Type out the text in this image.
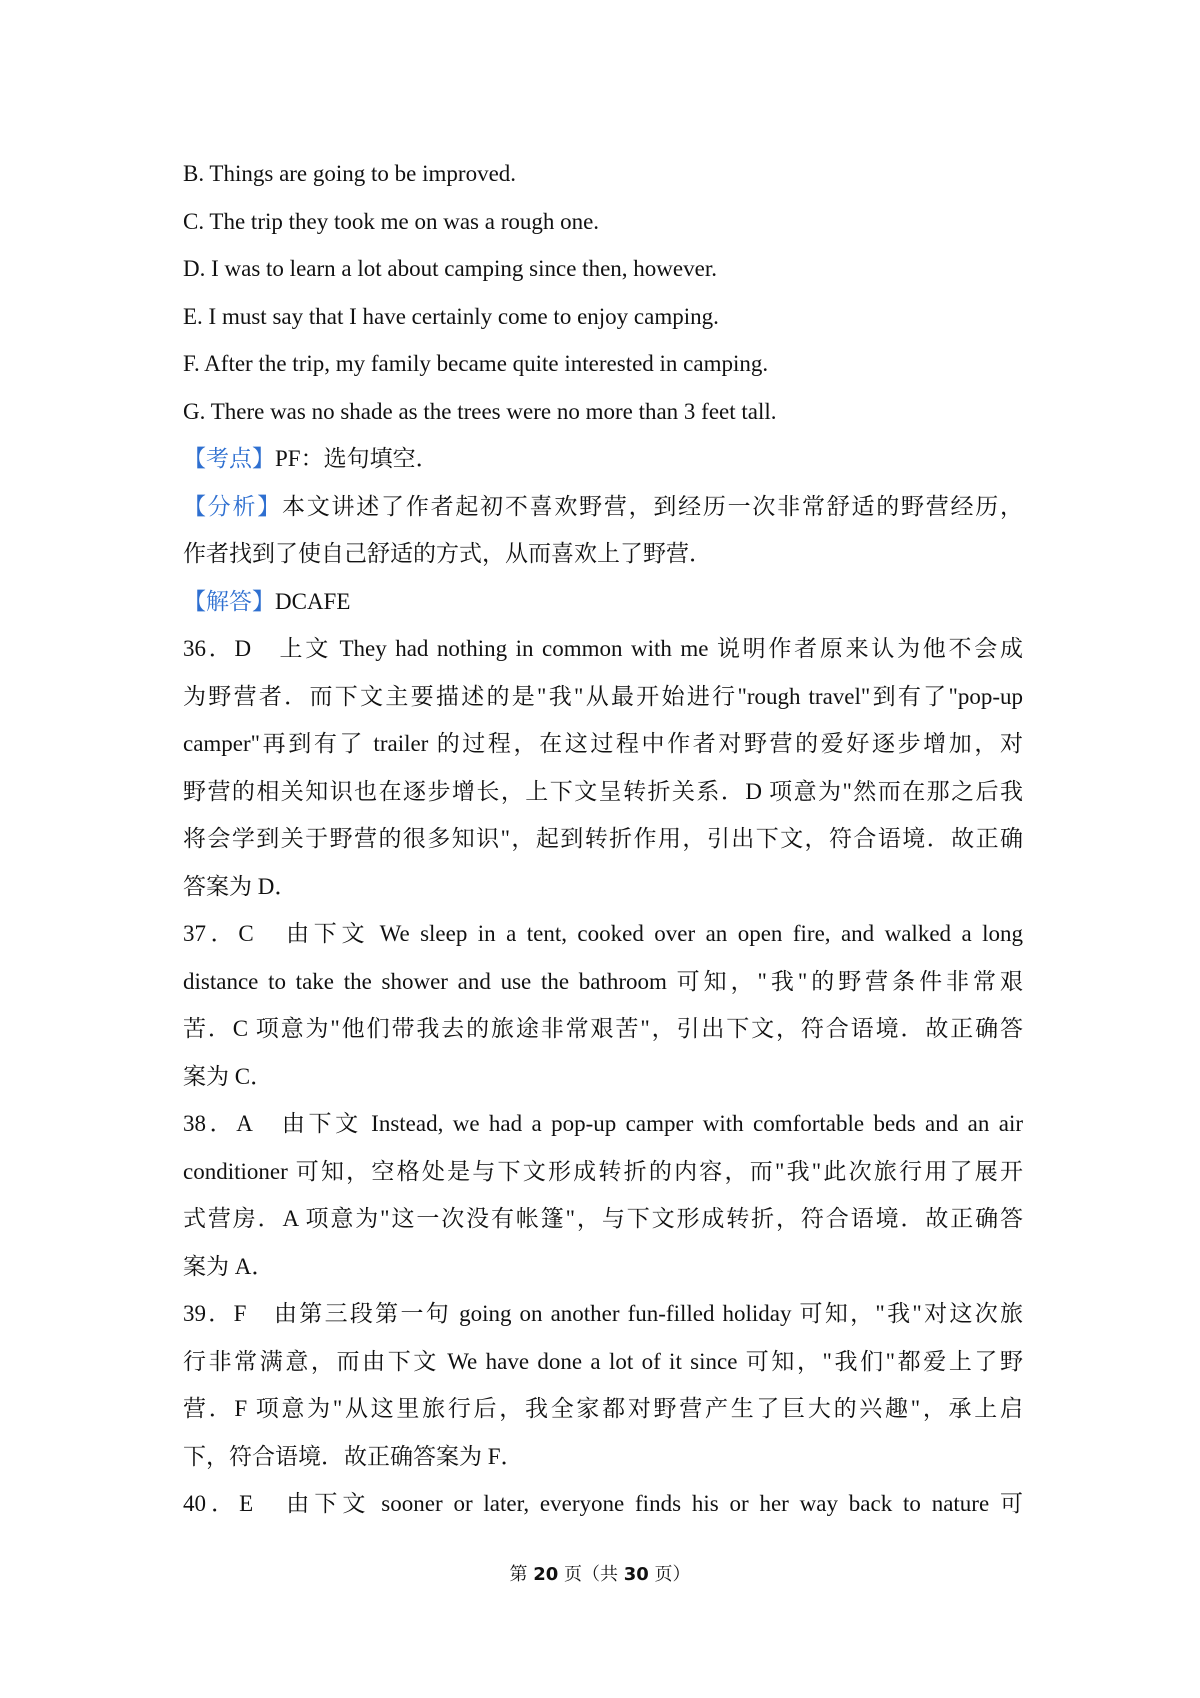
B. Things are going to be improved.
C. The trip they took me on was a rough one.
D. I was to learn a lot about camping since then, however.
E. I must say that I have certainly come to enjoy camping.
F. After the trip, my family became quite interested in camping.
G. There was no shade as the trees were no more than 3 feet tall.
【考点】PF：选句填空．
【分析】本文讲述了作者起初不喜欢野营，到经历一次非常舒适的野营经历，
作者找到了使自己舒适的方式，从而喜欢上了野营．
【解答】DCAFE
36．D　上文 They had nothing in common with me 说明作者原来认为他不会成
为野营者．而下文主要描述的是"我"从最开始进行"rough travel"到有了"pop-up
camper"再到有了 trailer 的过程，在这过程中作者对野营的爱好逐步增加，对
野营的相关知识也在逐步增长，上下文呈转折关系．D 项意为"然而在那之后我
将会学到关于野营的很多知识"，起到转折作用，引出下文，符合语境．故正确
答案为 D．
37．C　由下文 We sleep in a tent, cooked over an open fire, and walked a long
distance to take the shower and use the bathroom 可知，"我"的野营条件非常艰
苦．C 项意为"他们带我去的旅途非常艰苦"，引出下文，符合语境．故正确答
案为 C．
38．A　由下文 Instead, we had a pop-up camper with comfortable beds and an air
conditioner 可知，空格处是与下文形成转折的内容，而"我"此次旅行用了展开
式营房．A 项意为"这一次没有帐篷"，与下文形成转折，符合语境．故正确答
案为 A．
39．F　由第三段第一句 going on another fun-filled holiday 可知，"我"对这次旅
行非常满意，而由下文 We have done a lot of it since 可知，"我们"都爱上了野
营．F 项意为"从这里旅行后，我全家都对野营产生了巨大的兴趣"，承上启
下，符合语境．故正确答案为 F．
40．E　由下文 sooner or later, everyone finds his or her way back to nature 可
第 20 页（共 30 页）
